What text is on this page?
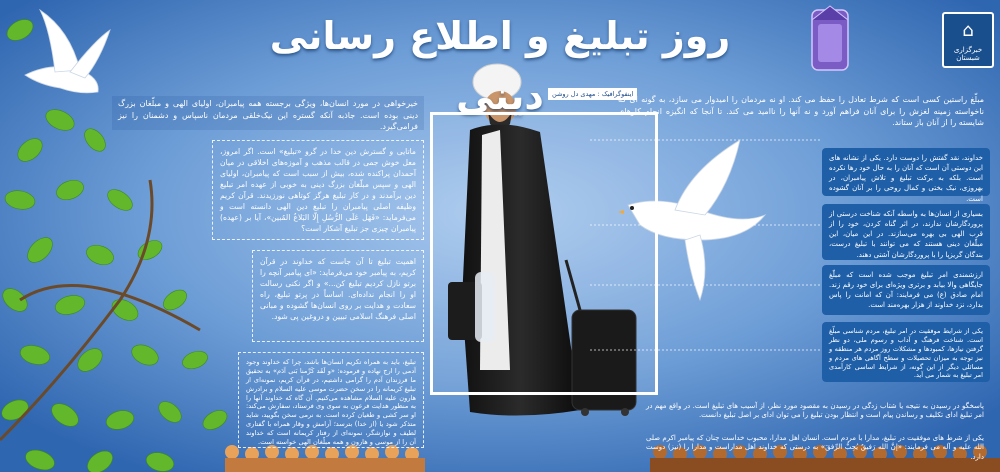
روز تبلیغ و اطلاع رسانی دینی
⌂
خبرگزاری شبستان
اینفوگرافیک : مهدی دل روشن
خیرخواهی در مورد انسان‌ها، ویژگی برجسته همه پیامبران، اولیای الهی و مبلّغان بزرگ دینی بوده است. جاذبه آنکه گستره این نیک‌خلقی مردمان ناسپاس و دشمنان را نیز فرامی‌گیرد.
ماتایی و گسترش دین خدا در گرو «تبلیغ» است. اگر امروز، معل خوش جمی در قالب مذهب و آموزه‌های اخلاقی در میان آحمدان پراکنده شده، بیش از سبب است که پیامبران، اولیای الهی و سپس مبلّغان بزرگ دینی به خوبی از عهده امر تبلیغ دین برآمدند و در کار تبلیغ هرگز کوتاهی نورزیدند. قرآن کریم وظیفه اصلی پیامبران را تبلیغ دین الهی دانسته است و می‌فرماید: «فَهَل عَلَی الرُّسُلِ إِلّا البَلاغُ المُبین»، آیا بر (عهده) پیامبران چیزی جز تبلیغ آشکار است؟
اهمیت تبلیغ تا آن جاست که خداوند در قرآن کریم، به پیامبر خود می‌فرماید: «ای پیامبر آنچه را برتو نازل کردیم تبلیغ کن...» و اگر نکنی رسالت او را انجام نداده‌ای. اساساً در پرتو تبلیغ، راه سعادت و هدایت بر روی انسان‌ها گشوده و مبانی اصلی فرهنگ اسلامی تبیین و دروغین پی شود.
تبلیغ، باید به همراه تکریم انسان‌ها باشد، چرا که خداوند وجود آدمی را ارج نهاده و فرموده: «و لَقَد کَرَّمنا بَنی آدَم» به تحقیق ما فرزندان آدم را گرامی داشتیم، در قرآن کریم، نمونه‌ای از تبلیغ کریمانه را در سخن حضرت موسی علیه السلام و برادرش هارون علیه السلام مشاهده می‌کنیم. آن گاه که خداوند آنها را به منظور هدایت فرعون به سوی وی فرستاد، سفارش می‌کند: او سر کشی و طغیان کرده است. به نرمی سخن بگویید، شاید متذکر شود یا (از خدا) بترسد؛ آرامش و وقار همراه با گفتاری لطیف و نوازشگر، نمونه‌ای از رفتار کریمانه است که خداوند آن را از موسی و هارون و همه مبلّغان الهی خواسته است.
مبلّغ راستین کسی است که شرط تعادل را حفظ می کند. او نه مردمان را امیدوار می سازد، به گونه ای که ناخواسته زمینه لغزش را برای آنان فراهم آورد و نه آنها را ناامید می کند. تا آنجا که انگیزه انجام کارهای شایسته را از آنان باز ستاند.
خداوند، نقد گفتش را دوست دارد. یکی از نشانه های این دوستی آن است که آنان را به حال خود رها نکرده است. بلکه به برکت تبلیغ و تلاش پیامبران، در بهروزی، نیک بختی و کمال روحی را بر آنان گشوده است.
بسیاری از انسان‌ها به واسطه آنکه شناخت درستی از پروردگارشان ندارند، در اثر گناه کردن، خود را از قرب الهی بی بهره می‌سازند. در این میان، این مبلّغان دینی هستند که می توانند با تبلیغ درست، بندگان گریزپا را با پروردگارشان آشتی دهند.
ارزشمندی امر تبلیغ موجب شده است که مبلّغ جایگاهی والا بیابد و برتری ویژه‌ای برای خود رقم زند. امام صادق (ع) می فرمایند: آن که امانت را پاس بدارد، نزد خداوند از هزار بهره‌مند است.
یکی از شرایط موفقیت در امر تبلیغ، مردم شناسی مبلّغ است. شناخت فرهنگ و آداب و رسوم ملی، دو نظر گرفتن نیازها، کمبودها و مشکلات روز مردم هر منطقه و نیز توجه به میزان تحصیلات و سطح آگاهی های مردم و مسائلی دیگر از این گونه، از شرایط اساسی کارآمدی امر تبلیغ به شمار می آید.
پاسخگو در رسیدن به نتیجه یا شتاب زدگی در رسیدن به مقصود مورد نظر، از آسیب های تبلیغ است. در واقع مهم در امر تبلیغ ادای تکلیف و رساندن پیام است و انتظار بودن تبلیغ را می توان ادای بر اصل تبلیغ دانست.
یکی از شرط های موفقیت در تبلیغ، مدارا با مردم است. انسان اهل مدارا، محبوب خداست چنان که پیامبر اکرم صلی الله علیه و آله می فرمایند: «إنَّ الله رَفیقٌ یُحِبُّ الرِّفقَ» به درستی که خداوند اهل مداراست و مدارا را (نیز) دوست دارد.
